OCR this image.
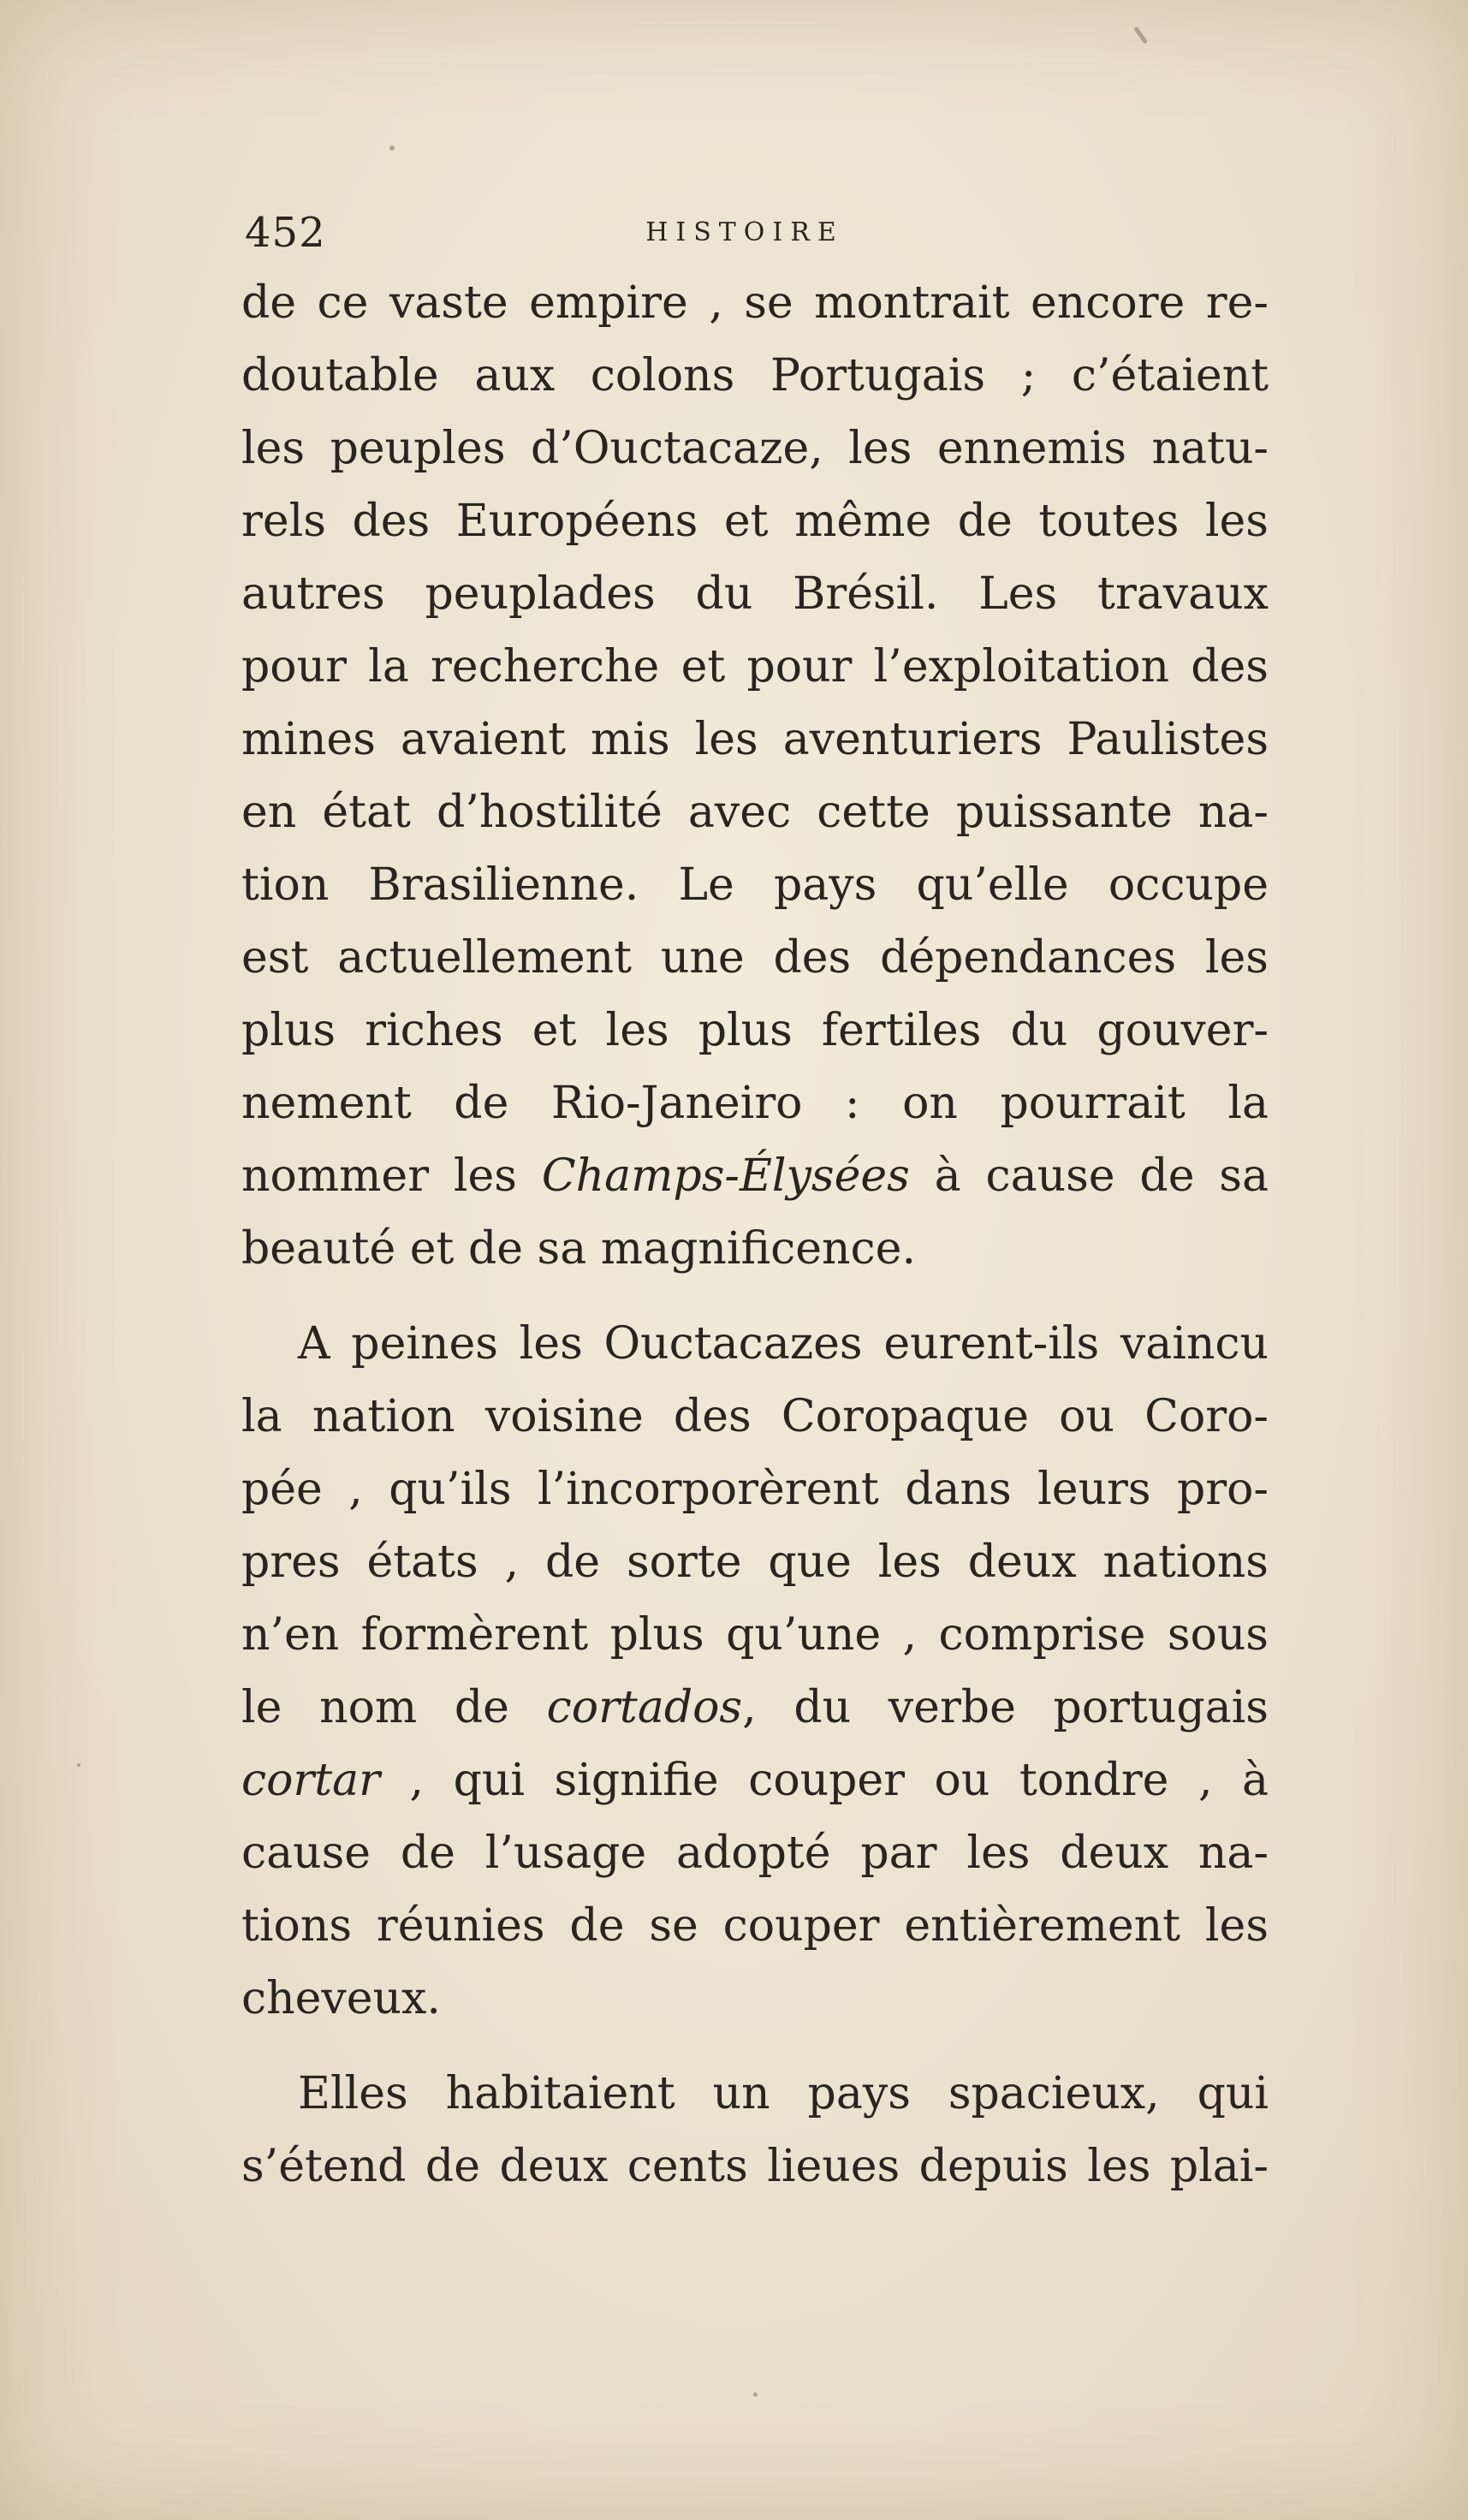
452	HISTOIRE
de ce vaste empire , se montrait encore re-
doutable aux colons Portugais ; c’étaient
les peuples d’Ouctacaze, les ennemis natu-
rels des Européens et même de toutes les
autres peuplades du Brésil. Les travaux
pour la recherche et pour l’exploitation des
mines avaient mis les aventuriers Paulistes
en état d’hostilité avec cette puissante na-
tion Brasilienne. Le pays qu’elle occupe
est actuellement une des dépendances les
plus riches et les plus fertiles du gouver-
nement de Rio-Janeiro : on pourrait la
nommer les Champs-Élysées à cause de sa
beauté et de sa magnificence.
A peines les Ouctacazes eurent-ils vaincu
la nation voisine des Coropaque ou Coro-
pée , qu’ils l’incorporèrent dans leurs pro-
pres états , de sorte que les deux nations
n’en formèrent plus qu’une , comprise sous
le nom de cortados, du verbe portugais
cortar , qui signifie couper ou tondre , à
cause de l’usage adopté par les deux na-
tions réunies de se couper entièrement les
cheveux.
Elles habitaient un pays spacieux, qui
s’étend de deux cents lieues depuis les plai-
